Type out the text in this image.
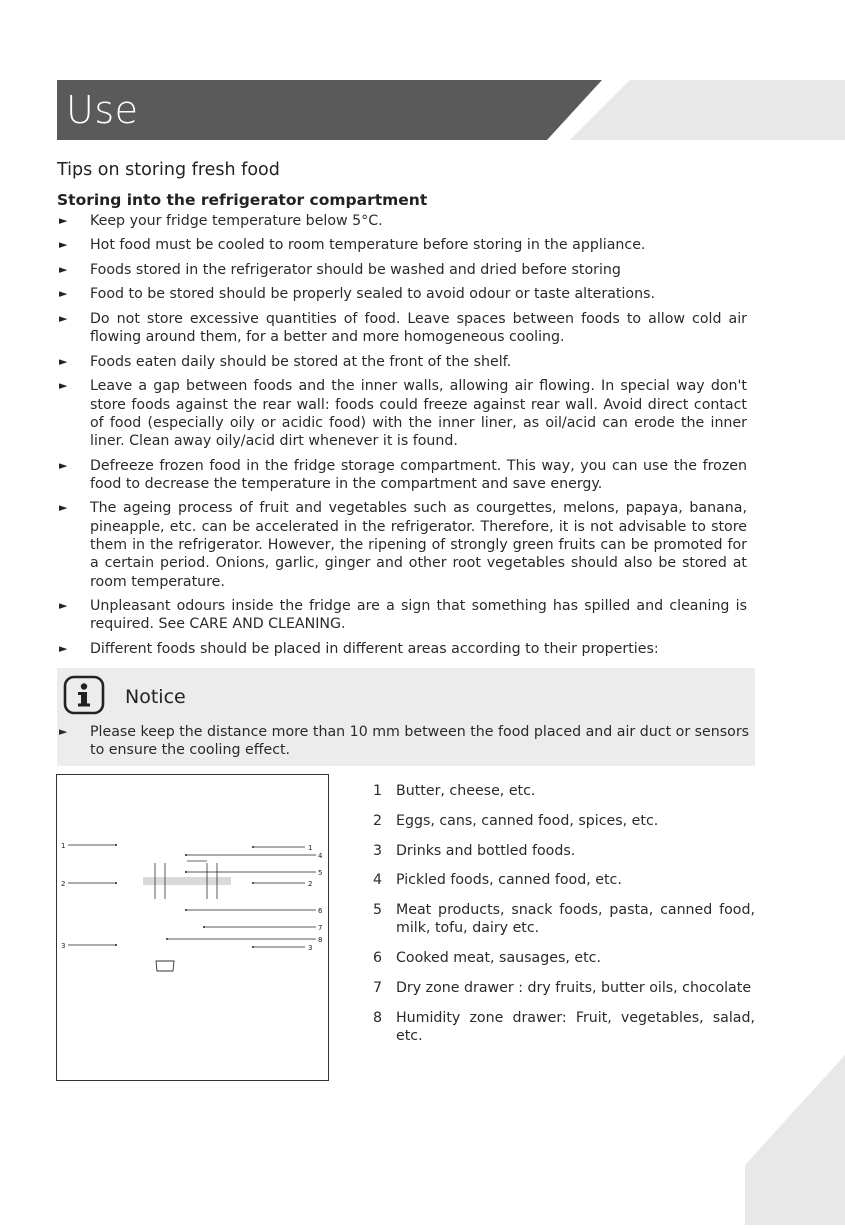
Use
Tips on storing fresh food
Storing into the refrigerator compartment
► Keep your fridge temperature below 5°C.
► Hot food must be cooled to room temperature before storing in the appliance.
► Foods stored in the refrigerator should be washed and dried before storing
► Food to be stored should be properly sealed to avoid odour or taste alterations.
► Do not store excessive quantities of food. Leave spaces between foods to allow cold air flowing around them, for a better and more homogeneous cooling.
► Foods eaten daily should be stored at the front of the shelf.
► Leave a gap between foods and the inner walls, allowing air flowing. In special way don't store foods against the rear wall: foods could freeze against rear wall. Avoid direct contact of food (especially oily or acidic food) with the inner liner, as oil/acid can erode the inner liner. Clean away oily/acid dirt whenever it is found.
► Defreeze frozen food in the fridge storage compartment. This way, you can use the frozen food to decrease the temperature in the compartment and save energy.
► The ageing process of fruit and vegetables such as courgettes, melons, papaya, banana, pineapple, etc. can be accelerated in the refrigerator. Therefore, it is not advisable to store them in the refrigerator. However, the ripening of strongly green fruits can be promoted for a certain period. Onions, garlic, ginger and other root vegetables should also be stored at room temperature.
► Unpleasant odours inside the fridge are a sign that something has spilled and cleaning is required. See CARE AND CLEANING.
► Different foods should be placed in different areas according to their properties:
Notice
► Please keep the distance more than 10 mm between the food placed and air duct or sensors to ensure the cooling effect.
1
2
3
1
4
5
2
6
7
8
3
1 Butter, cheese, etc.
2 Eggs, cans, canned food, spices, etc.
3 Drinks and bottled foods.
4 Pickled foods, canned food, etc.
5 Meat products, snack foods, pasta, canned food, milk, tofu, dairy etc.
6 Cooked meat, sausages, etc.
7 Dry zone drawer : dry fruits, butter oils, chocolate
8 Humidity zone drawer: Fruit, vegetables, salad, etc.
